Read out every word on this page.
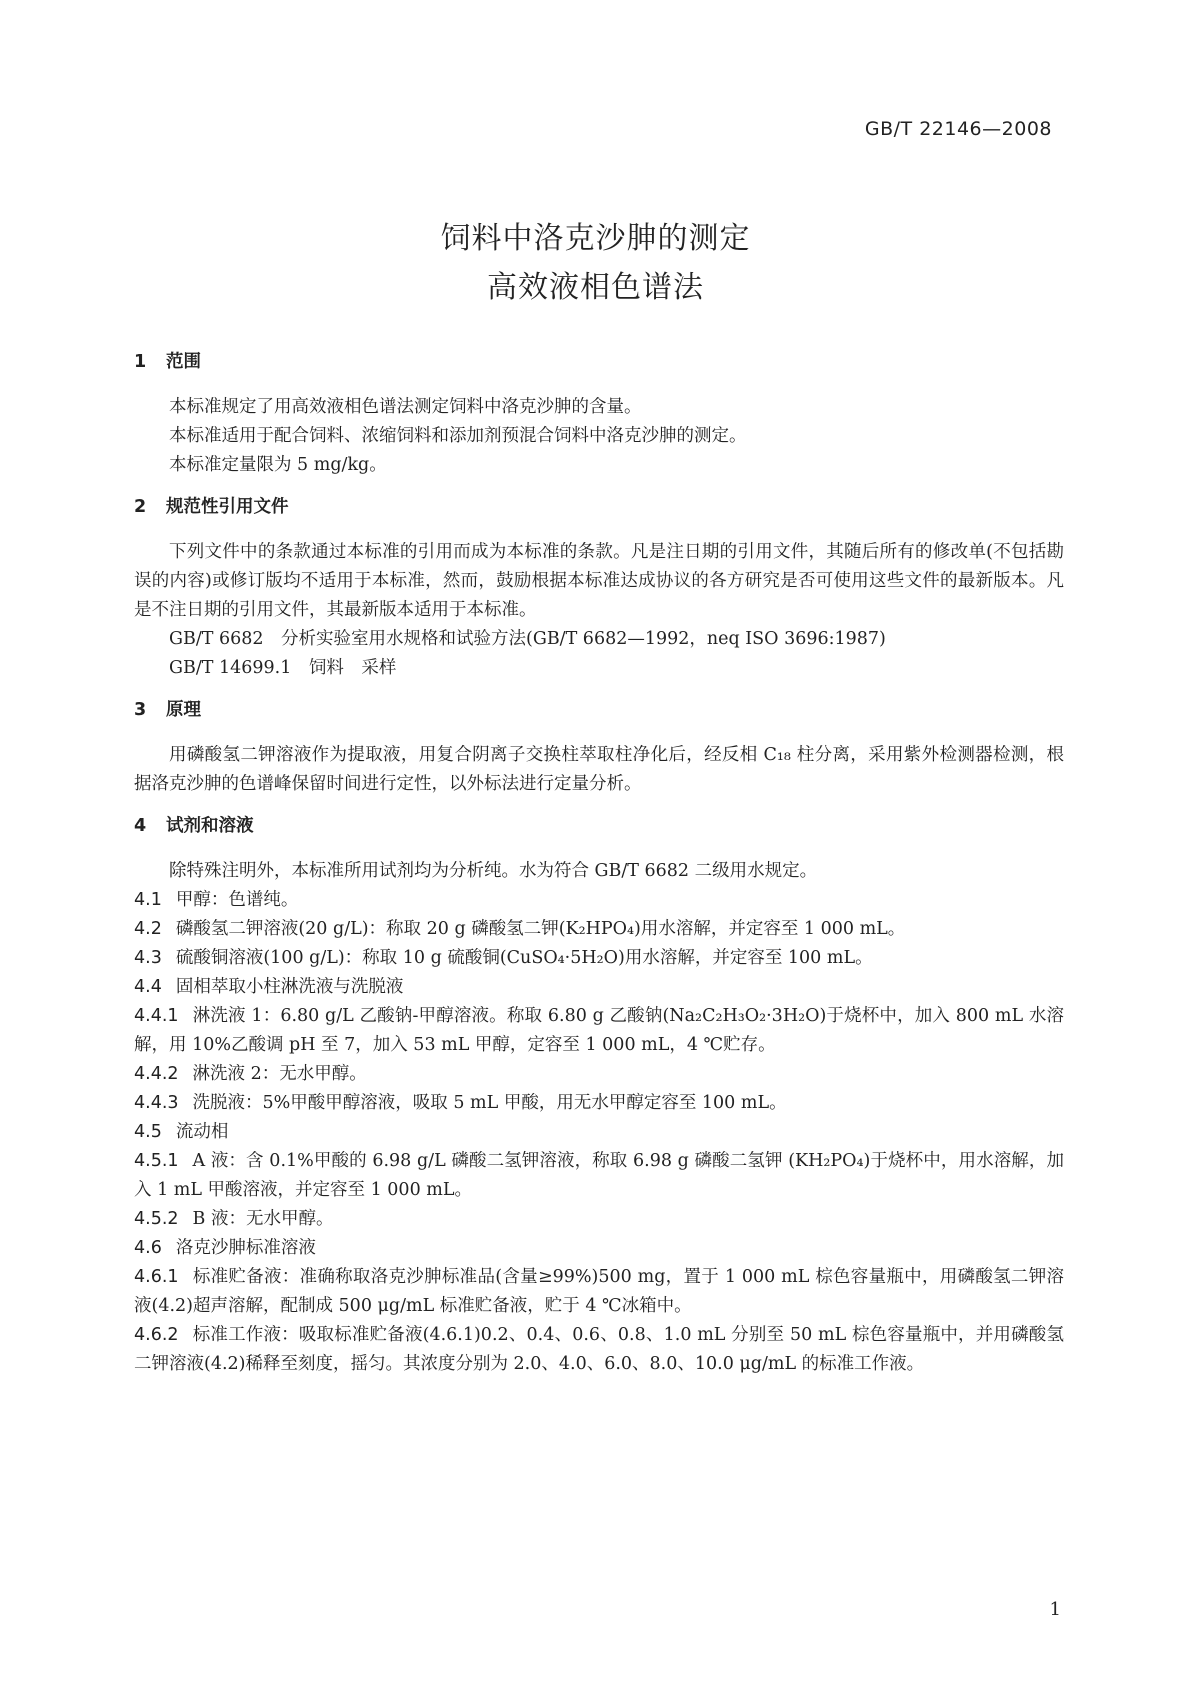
GB/T 22146—2008
饲料中洛克沙胂的测定
高效液相色谱法
1 范围

本标准规定了用高效液相色谱法测定饲料中洛克沙胂的含量。

本标准适用于配合饲料、浓缩饲料和添加剂预混合饲料中洛克沙胂的测定。

本标准定量限为 5 mg/kg。

2 规范性引用文件

下列文件中的条款通过本标准的引用而成为本标准的条款。凡是注日期的引用文件，其随后所有的修改单(不包括勘误的内容)或修订版均不适用于本标准，然而，鼓励根据本标准达成协议的各方研究是否可使用这些文件的最新版本。凡是不注日期的引用文件，其最新版本适用于本标准。

GB/T 6682　分析实验室用水规格和试验方法(GB/T 6682—1992，neq ISO 3696:1987)

GB/T 14699.1　饲料　采样

3 原理

用磷酸氢二钾溶液作为提取液，用复合阴离子交换柱萃取柱净化后，经反相 C₁₈ 柱分离，采用紫外检测器检测，根据洛克沙胂的色谱峰保留时间进行定性，以外标法进行定量分析。

4 试剂和溶液

除特殊注明外，本标准所用试剂均为分析纯。水为符合 GB/T 6682 二级用水规定。

4.1 甲醇：色谱纯。

4.2 磷酸氢二钾溶液(20 g/L)：称取 20 g 磷酸氢二钾(K₂HPO₄)用水溶解，并定容至 1 000 mL。

4.3 硫酸铜溶液(100 g/L)：称取 10 g 硫酸铜(CuSO₄·5H₂O)用水溶解，并定容至 100 mL。

4.4 固相萃取小柱淋洗液与洗脱液

4.4.1 淋洗液 1：6.80 g/L 乙酸钠-甲醇溶液。称取 6.80 g 乙酸钠(Na₂C₂H₃O₂·3H₂O)于烧杯中，加入 800 mL 水溶解，用 10%乙酸调 pH 至 7，加入 53 mL 甲醇，定容至 1 000 mL，4 ℃贮存。

4.4.2 淋洗液 2：无水甲醇。

4.4.3 洗脱液：5%甲酸甲醇溶液，吸取 5 mL 甲酸，用无水甲醇定容至 100 mL。

4.5 流动相

4.5.1 A 液：含 0.1%甲酸的 6.98 g/L 磷酸二氢钾溶液，称取 6.98 g 磷酸二氢钾 (KH₂PO₄)于烧杯中，用水溶解，加入 1 mL 甲酸溶液，并定容至 1 000 mL。

4.5.2 B 液：无水甲醇。

4.6 洛克沙胂标准溶液

4.6.1 标准贮备液：准确称取洛克沙胂标准品(含量≥99%)500 mg，置于 1 000 mL 棕色容量瓶中，用磷酸氢二钾溶液(4.2)超声溶解，配制成 500 μg/mL 标准贮备液，贮于 4 ℃冰箱中。

4.6.2 标准工作液：吸取标准贮备液(4.6.1)0.2、0.4、0.6、0.8、1.0 mL 分别至 50 mL 棕色容量瓶中，并用磷酸氢二钾溶液(4.2)稀释至刻度，摇匀。其浓度分别为 2.0、4.0、6.0、8.0、10.0 μg/mL 的标准工作液。

1
